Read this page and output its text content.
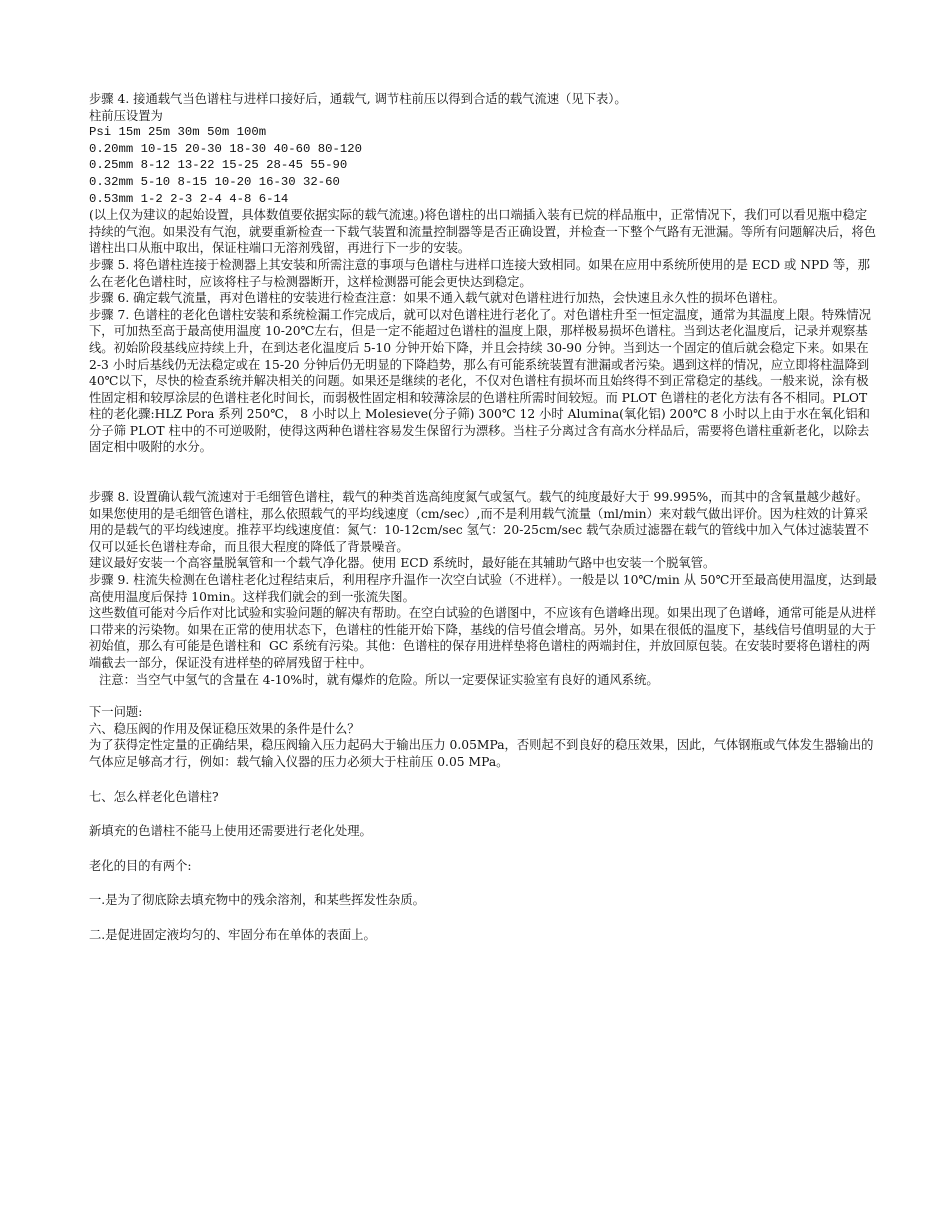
步骤 4. 接通载气当色谱柱与进样口接好后，通载气, 调节柱前压以得到合适的载气流速（见下表）。

柱前压设置为

Psi 15m 25m 30m 50m 100m

0.20mm 10-15 20-30 18-30 40-60 80-120

0.25mm 8-12 13-22 15-25 28-45 55-90

0.32mm 5-10 8-15 10-20 16-30 32-60

0.53mm 1-2 2-3 2-4 4-8 6-14

(以上仅为建议的起始设置，具体数值要依据实际的载气流速。)将色谱柱的出口端插入装有已烷的样品瓶中，正常情况下，我们可以看见瓶中稳定持续的气泡。如果没有气泡，就要重新检查一下载气装置和流量控制器等是否正确设置，并检查一下整个气路有无泄漏。等所有问题解决后，将色谱柱出口从瓶中取出，保证柱端口无溶剂残留，再进行下一步的安装。

步骤 5. 将色谱柱连接于检测器上其安装和所需注意的事项与色谱柱与进样口连接大致相同。如果在应用中系统所使用的是 ECD 或 NPD 等，那么在老化色谱柱时，应该将柱子与检测器断开，这样检测器可能会更快达到稳定。

步骤 6. 确定载气流量，再对色谱柱的安装进行检查注意：如果不通入载气就对色谱柱进行加热，会快速且永久性的损坏色谱柱。

步骤 7. 色谱柱的老化色谱柱安装和系统检漏工作完成后，就可以对色谱柱进行老化了。对色谱柱升至一恒定温度，通常为其温度上限。特殊情况下，可加热至高于最高使用温度 10-20℃左右，但是一定不能超过色谱柱的温度上限，那样极易损坏色谱柱。当到达老化温度后，记录并观察基线。初始阶段基线应持续上升，在到达老化温度后 5-10 分钟开始下降，并且会持续 30-90 分钟。当到达一个固定的值后就会稳定下来。如果在 2-3 小时后基线仍无法稳定或在 15-20 分钟后仍无明显的下降趋势，那么有可能系统装置有泄漏或者污染。遇到这样的情况，应立即将柱温降到 40℃以下，尽快的检查系统并解决相关的问题。如果还是继续的老化，不仅对色谱柱有损坏而且始终得不到正常稳定的基线。一般来说，涂有极性固定相和较厚涂层的色谱柱老化时间长，而弱极性固定相和较薄涂层的色谱柱所需时间较短。而 PLOT 色谱柱的老化方法有各不相同。PLOT 柱的老化骤:HLZ Pora 系列 250℃， 8 小时以上 Molesieve(分子筛) 300℃ 12 小时 Alumina(氧化铝) 200℃ 8 小时以上由于水在氧化铝和分子筛 PLOT 柱中的不可逆吸附，使得这两种色谱柱容易发生保留行为漂移。当柱子分离过含有高水分样品后，需要将色谱柱重新老化，以除去固定相中吸附的水分。

步骤 8. 设置确认载气流速对于毛细管色谱柱，载气的种类首选高纯度氮气或氢气。载气的纯度最好大于 99.995%，而其中的含氧量越少越好。如果您使用的是毛细管色谱柱，那么依照载气的平均线速度（cm/sec）,而不是利用载气流量（ml/min）来对载气做出评价。因为柱效的计算采用的是载气的平均线速度。推荐平均线速度值：氮气：10-12cm/sec 氢气：20-25cm/sec 载气杂质过滤器在载气的管线中加入气体过滤装置不仅可以延长色谱柱寿命，而且很大程度的降低了背景噪音。

建议最好安装一个高容量脱氧管和一个载气净化器。使用 ECD 系统时，最好能在其辅助气路中也安装一个脱氧管。

步骤 9. 柱流失检测在色谱柱老化过程结束后，利用程序升温作一次空白试验（不进样）。一般是以 10℃/min 从 50℃开至最高使用温度，达到最高使用温度后保持 10min。这样我们就会的到一张流失图。

这些数值可能对今后作对比试验和实验问题的解决有帮助。在空白试验的色谱图中，不应该有色谱峰出现。如果出现了色谱峰，通常可能是从进样口带来的污染物。如果在正常的使用状态下，色谱柱的性能开始下降，基线的信号值会增高。另外，如果在很低的温度下，基线信号值明显的大于初始值，那么有可能是色谱柱和  GC 系统有污染。其他：色谱柱的保存用进样垫将色谱柱的两端封住，并放回原包装。在安装时要将色谱柱的两端截去一部分，保证没有进样垫的碎屑残留于柱中。

注意：当空气中氢气的含量在 4-10%时，就有爆炸的危险。所以一定要保证实验室有良好的通风系统。

下一问题:

六、稳压阀的作用及保证稳压效果的条件是什么？

为了获得定性定量的正确结果，稳压阀输入压力起码大于输出压力 0.05MPa，否则起不到良好的稳压效果，因此，气体钢瓶或气体发生器输出的气体应足够高才行，例如：载气输入仪器的压力必须大于柱前压 0.05 MPa。

七、怎么样老化色谱柱?

新填充的色谱柱不能马上使用还需要进行老化处理。

老化的目的有两个:

一.是为了彻底除去填充物中的残余溶剂，和某些挥发性杂质。

二.是促进固定液均匀的、牢固分布在单体的表面上。
